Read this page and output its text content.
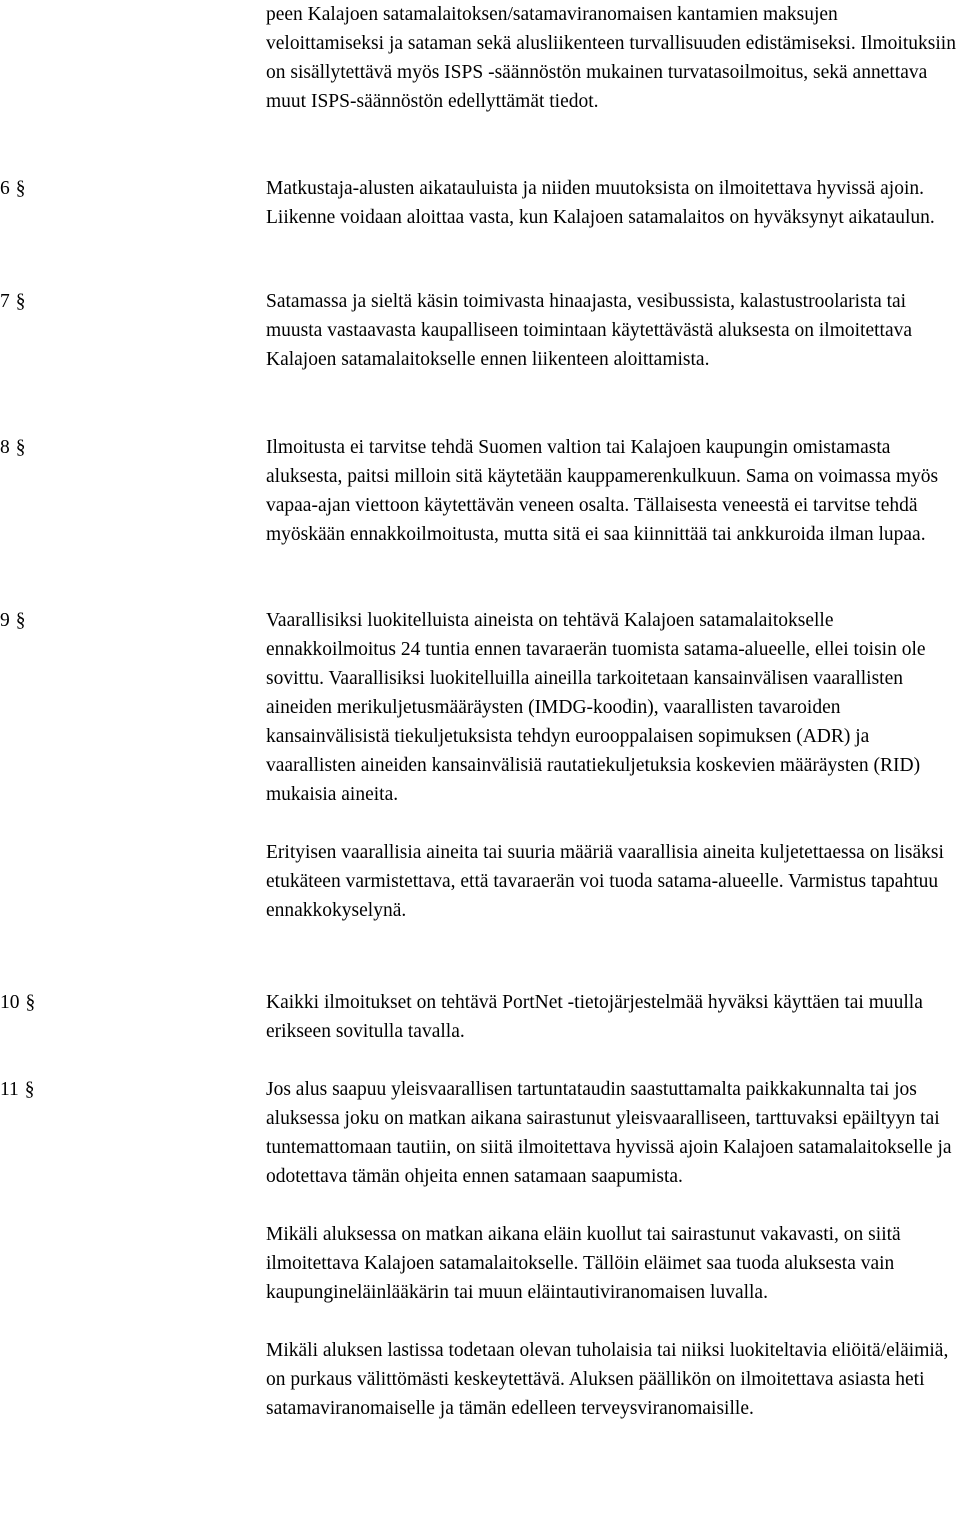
peen Kalajoen satamalaitoksen/satamaviranomaisen kantamien maksujen veloittamiseksi ja sataman sekä alusliikenteen turvallisuuden edistämiseksi. Ilmoituksiin on sisällytettävä myös ISPS -säännöstön mukainen turvatasoilmoitus, sekä annettava muut ISPS-säännöstön edellyttämät tiedot.

6 §	Matkustaja-alusten aikatauluista ja niiden muutoksista on ilmoitettava hyvissä ajoin. Liikenne voidaan aloittaa vasta, kun Kalajoen satamalaitos on hyväksynyt aikataulun.

7 §	Satamassa ja sieltä käsin toimivasta hinaajasta, vesibussista, kalastustroolarista tai muusta vastaavasta kaupalliseen toimintaan käytettävästä aluksesta on ilmoitettava Kalajoen satamalaitokselle ennen liikenteen aloittamista.

8 §	Ilmoitusta ei tarvitse tehdä Suomen valtion tai Kalajoen kaupungin omistamasta aluksesta, paitsi milloin sitä käytetään kauppamerenkulkuun. Sama on voimassa myös vapaa-ajan viettoon käytettävän veneen osalta. Tällaisesta veneestä ei tarvitse tehdä myöskään ennakkoilmoitusta, mutta sitä ei saa kiinnittää tai ankkuroida ilman lupaa.

9 §	Vaarallisiksi luokitelluista aineista on tehtävä Kalajoen satamalaitokselle ennakkoilmoitus 24 tuntia ennen tavaraerän tuomista satama-alueelle, ellei toisin ole sovittu. Vaarallisiksi luokitelluilla aineilla tarkoitetaan kansainvälisen vaarallisten aineiden merikuljetusmääräysten (IMDG-koodin), vaarallisten tavaroiden kansainvälisistä tiekuljetuksista tehdyn eurooppalaisen sopimuksen (ADR) ja vaarallisten aineiden kansainvälisiä rautatiekuljetuksia koskevien määräysten (RID) mukaisia aineita.

Erityisen vaarallisia aineita tai suuria määriä vaarallisia aineita kuljetettaessa on lisäksi etukäteen varmistettava, että tavaraerän voi tuoda satama-alueelle. Varmistus tapahtuu ennakkokyselynä.

10 §	Kaikki ilmoitukset on tehtävä PortNet -tietojärjestelmää hyväksi käyttäen tai muulla erikseen sovitulla tavalla.

11 §	Jos alus saapuu yleisvaarallisen tartuntataudin saastuttamalta paikkakunnalta tai jos aluksessa joku on matkan aikana sairastunut yleisvaaralliseen, tarttuvaksi epäiltyyn tai tuntemattomaan tautiin, on siitä ilmoitettava hyvissä ajoin Kalajoen satamalaitokselle ja odotettava tämän ohjeita ennen satamaan saapumista.

Mikäli aluksessa on matkan aikana eläin kuollut tai sairastunut vakavasti, on siitä ilmoitettava Kalajoen satamalaitokselle. Tällöin eläimet saa tuoda aluksesta vain kaupungineläinlääkärin tai muun eläintautiviranomaisen luvalla.

Mikäli aluksen lastissa todetaan olevan tuholaisia tai niiksi luokiteltavia eliöitä/eläimiä, on purkaus välittömästi keskeytettävä. Aluksen päällikön on ilmoitettava asiasta heti satamaviranomaiselle ja tämän edelleen terveysviranomaisille.
